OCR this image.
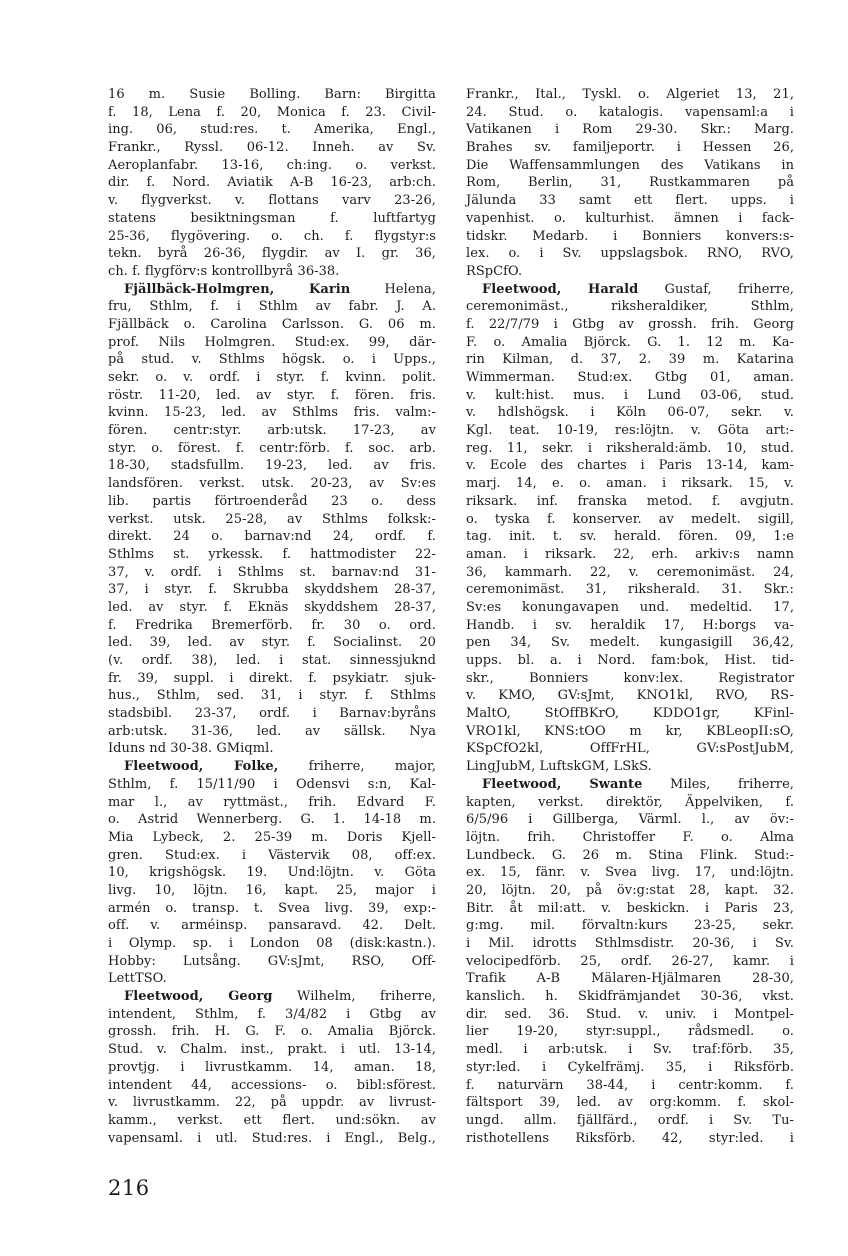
16 m. Susie Bolling. Barn: Birgitta
f. 18, Lena f. 20, Monica f. 23. Civil-
ing. 06, stud:res. t. Amerika, Engl.,
Frankr., Ryssl. 06-12. Inneh. av Sv.
Aeroplanfabr. 13-16, ch:ing. o. verkst.
dir. f. Nord. Aviatik A-B 16-23, arb:ch.
v. flygverkst. v. flottans varv 23-26,
statens besiktningsman f. luftfartyg
25-36, flygövering. o. ch. f. flygstyr:s
tekn. byrå 26-36, flygdir. av I. gr. 36,
ch. f. flygförv:s kontrollbyrå 36-38.
Fjällbäck-Holmgren, Karin Helena,
fru, Sthlm, f. i Sthlm av fabr. J. A.
Fjällbäck o. Carolina Carlsson. G. 06 m.
prof. Nils Holmgren. Stud:ex. 99, där-
på stud. v. Sthlms högsk. o. i Upps.,
sekr. o. v. ordf. i styr. f. kvinn. polit.
röstr. 11-20, led. av styr. f. fören. fris.
kvinn. 15-23, led. av Sthlms fris. valm:-
fören. centr:styr. arb:utsk. 17-23, av
styr. o. förest. f. centr:förb. f. soc. arb.
18-30, stadsfullm. 19-23, led. av fris.
landsfören. verkst. utsk. 20-23, av Sv:es
lib. partis förtroenderåd 23 o. dess
verkst. utsk. 25-28, av Sthlms folksk:-
direkt. 24 o. barnav:nd 24, ordf. f.
Sthlms st. yrkessk. f. hattmodister 22-
37, v. ordf. i Sthlms st. barnav:nd 31-
37, i styr. f. Skrubba skyddshem 28-37,
led. av styr. f. Eknäs skyddshem 28-37,
f. Fredrika Bremerförb. fr. 30 o. ord.
led. 39, led. av styr. f. Socialinst. 20
(v. ordf. 38), led. i stat. sinnessjuknd
fr. 39, suppl. i direkt. f. psykiatr. sjuk-
hus., Sthlm, sed. 31, i styr. f. Sthlms
stadsbibl. 23-37, ordf. i Barnav:byråns
arb:utsk. 31-36, led. av sällsk. Nya
Iduns nd 30-38. GMiqml.
Fleetwood, Folke, friherre, major,
Sthlm, f. 15/11/90 i Odensvi s:n, Kal-
mar l., av ryttmäst., frih. Edvard F.
o. Astrid Wennerberg. G. 1. 14-18 m.
Mia Lybeck, 2. 25-39 m. Doris Kjell-
gren. Stud:ex. i Västervik 08, off:ex.
10, krigshögsk. 19. Und:löjtn. v. Göta
livg. 10, löjtn. 16, kapt. 25, major i
armén o. transp. t. Svea livg. 39, exp:-
off. v. arméinsp. pansaravd. 42. Delt.
i Olymp. sp. i London 08 (disk:kastn.).
Hobby: Lutsång. GV:sJmt, RSO, Off-
LettTSO.
Fleetwood, Georg Wilhelm, friherre,
intendent, Sthlm, f. 3/4/82 i Gtbg av
grossh. frih. H. G. F. o. Amalia Björck.
Stud. v. Chalm. inst., prakt. i utl. 13-14,
provtjg. i livrustkamm. 14, aman. 18,
intendent 44, accessions- o. bibl:sförest.
v. livrustkamm. 22, på uppdr. av livrust-
kamm., verkst. ett flert. und:sökn. av
vapensaml. i utl. Stud:res. i Engl., Belg.,
Frankr., Ital., Tyskl. o. Algeriet 13, 21,
24. Stud. o. katalogis. vapensaml:a i
Vatikanen i Rom 29-30. Skr.: Marg.
Brahes sv. familjeportr. i Hessen 26,
Die Waffensammlungen des Vatikans in
Rom, Berlin, 31, Rustkammaren på
Jälunda 33 samt ett flert. upps. i
vapenhist. o. kulturhist. ämnen i fack-
tidskr. Medarb. i Bonniers konvers:s-
lex. o. i Sv. uppslagsbok. RNO, RVO,
RSpCfO.
Fleetwood, Harald Gustaf, friherre,
ceremonimäst., riksheraldiker, Sthlm,
f. 22/7/79 i Gtbg av grossh. frih. Georg
F. o. Amalia Björck. G. 1. 12 m. Ka-
rin Kilman, d. 37, 2. 39 m. Katarina
Wimmerman. Stud:ex. Gtbg 01, aman.
v. kult:hist. mus. i Lund 03-06, stud.
v. hdlshögsk. i Köln 06-07, sekr. v.
Kgl. teat. 10-19, res:löjtn. v. Göta art:-
reg. 11, sekr. i riksherald:ämb. 10, stud.
v. Ecole des chartes i Paris 13-14, kam-
marj. 14, e. o. aman. i riksark. 15, v.
riksark. inf. franska metod. f. avgjutn.
o. tyska f. konserver. av medelt. sigill,
tag. init. t. sv. herald. fören. 09, 1:e
aman. i riksark. 22, erh. arkiv:s namn
36, kammarh. 22, v. ceremonimäst. 24,
ceremonimäst. 31, riksherald. 31. Skr.:
Sv:es konungavapen und. medeltid. 17,
Handb. i sv. heraldik 17, H:borgs va-
pen 34, Sv. medelt. kungasigill 36,42,
upps. bl. a. i Nord. fam:bok, Hist. tid-
skr., Bonniers konv:lex. Registrator
v. KMO, GV:sJmt, KNO1kl, RVO, RS-
MaltO, StOffBKrO, KDDO1gr, KFinl-
VRO1kl, KNS:tOO m kr, KBLeopII:sO,
KSpCfO2kl, OffFrHL, GV:sPostJubM,
LingJubM, LuftskGM, LSkS.
Fleetwood, Swante Miles, friherre,
kapten, verkst. direktör, Äppelviken, f.
6/5/96 i Gillberga, Värml. l., av öv:-
löjtn. frih. Christoffer F. o. Alma
Lundbeck. G. 26 m. Stina Flink. Stud:-
ex. 15, fänr. v. Svea livg. 17, und:löjtn.
20, löjtn. 20, på öv:g:stat 28, kapt. 32.
Bitr. åt mil:att. v. beskickn. i Paris 23,
g:mg. mil. förvaltn:kurs 23-25, sekr.
i Mil. idrotts Sthlmsdistr. 20-36, i Sv.
velocipedförb. 25, ordf. 26-27, kamr. i
Trafik A-B Mälaren-Hjälmaren 28-30,
kanslich. h. Skidfrämjandet 30-36, vkst.
dir. sed. 36. Stud. v. univ. i Montpel-
lier 19-20, styr:suppl., rådsmedl. o.
medl. i arb:utsk. i Sv. traf:förb. 35,
styr:led. i Cykelfrämj. 35, i Riksförb.
f. naturvärn 38-44, i centr:komm. f.
fältsport 39, led. av org:komm. f. skol-
ungd. allm. fjällfärd., ordf. i Sv. Tu-
risthotellens Riksförb. 42, styr:led. i
216
